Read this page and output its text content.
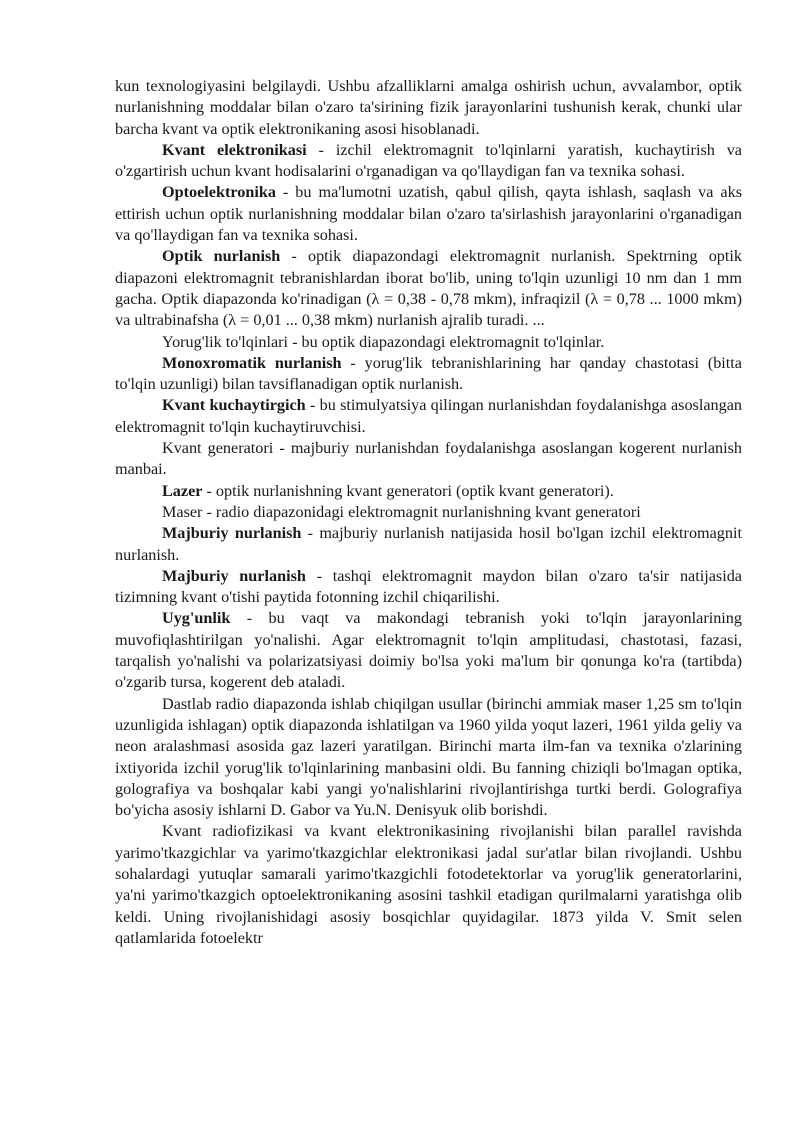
kun texnologiyasini belgilaydi. Ushbu afzalliklarni amalga oshirish uchun, avvalambor, optik nurlanishning moddalar bilan o'zaro ta'sirining fizik jarayonlarini tushunish kerak, chunki ular barcha kvant va optik elektronikaning asosi hisoblanadi.

Kvant elektronikasi - izchil elektromagnit to'lqinlarni yaratish, kuchaytirish va o'zgartirish uchun kvant hodisalarini o'rganadigan va qo'llaydigan fan va texnika sohasi.

Optoelektronika - bu ma'lumotni uzatish, qabul qilish, qayta ishlash, saqlash va aks ettirish uchun optik nurlanishning moddalar bilan o'zaro ta'sirlashish jarayonlarini o'rganadigan va qo'llaydigan fan va texnika sohasi.

Optik nurlanish - optik diapazondagi elektromagnit nurlanish. Spektrning optik diapazoni elektromagnit tebranishlardan iborat bo'lib, uning to'lqin uzunligi 10 nm dan 1 mm gacha. Optik diapazonda ko'rinadigan (λ = 0,38 - 0,78 mkm), infraqizil (λ = 0,78 ... 1000 mkm) va ultrabinafsha (λ = 0,01 ... 0,38 mkm) nurlanish ajralib turadi. ...

Yorug'lik to'lqinlari - bu optik diapazondagi elektromagnit to'lqinlar.

Monoxromatik nurlanish - yorug'lik tebranishlarining har qanday chastotasi (bitta to'lqin uzunligi) bilan tavsiflanadigan optik nurlanish.

Kvant kuchaytirgich - bu stimulyatsiya qilingan nurlanishdan foydalanishga asoslangan elektromagnit to'lqin kuchaytiruvchisi.

Kvant generatori - majburiy nurlanishdan foydalanishga asoslangan kogerent nurlanish manbai.

Lazer - optik nurlanishning kvant generatori (optik kvant generatori).

Maser - radio diapazonidagi elektromagnit nurlanishning kvant generatori

Majburiy nurlanish - majburiy nurlanish natijasida hosil bo'lgan izchil elektromagnit nurlanish.

Majburiy nurlanish - tashqi elektromagnit maydon bilan o'zaro ta'sir natijasida tizimning kvant o'tishi paytida fotonning izchil chiqarilishi.

Uyg'unlik - bu vaqt va makondagi tebranish yoki to'lqin jarayonlarining muvofiqlashtirilgan yo'nalishi. Agar elektromagnit to'lqin amplitudasi, chastotasi, fazasi, tarqalish yo'nalishi va polarizatsiyasi doimiy bo'lsa yoki ma'lum bir qonunga ko'ra (tartibda) o'zgarib tursa, kogerent deb ataladi.

Dastlab radio diapazonda ishlab chiqilgan usullar (birinchi ammiak maser 1,25 sm to'lqin uzunligida ishlagan) optik diapazonda ishlatilgan va 1960 yilda yoqut lazeri, 1961 yilda geliy va neon aralashmasi asosida gaz lazeri yaratilgan. Birinchi marta ilm-fan va texnika o'zlarining ixtiyorida izchil yorug'lik to'lqinlarining manbasini oldi. Bu fanning chiziqli bo'lmagan optika, golografiya va boshqalar kabi yangi yo'nalishlarini rivojlantirishga turtki berdi. Golografiya bo'yicha asosiy ishlarni D. Gabor va Yu.N. Denisyuk olib borishdi.

Kvant radiofizikasi va kvant elektronikasining rivojlanishi bilan parallel ravishda yarimo'tkazgichlar va yarimo'tkazgichlar elektronikasi jadal sur'atlar bilan rivojlandi. Ushbu sohalardagi yutuqlar samarali yarimo'tkazgichli fotodetektorlar va yorug'lik generatorlarini, ya'ni yarimo'tkazgich optoelektronikaning asosini tashkil etadigan qurilmalarni yaratishga olib keldi. Uning rivojlanishidagi asosiy bosqichlar quyidagilar. 1873 yilda V. Smit selen qatlamlarida fotoelektr
